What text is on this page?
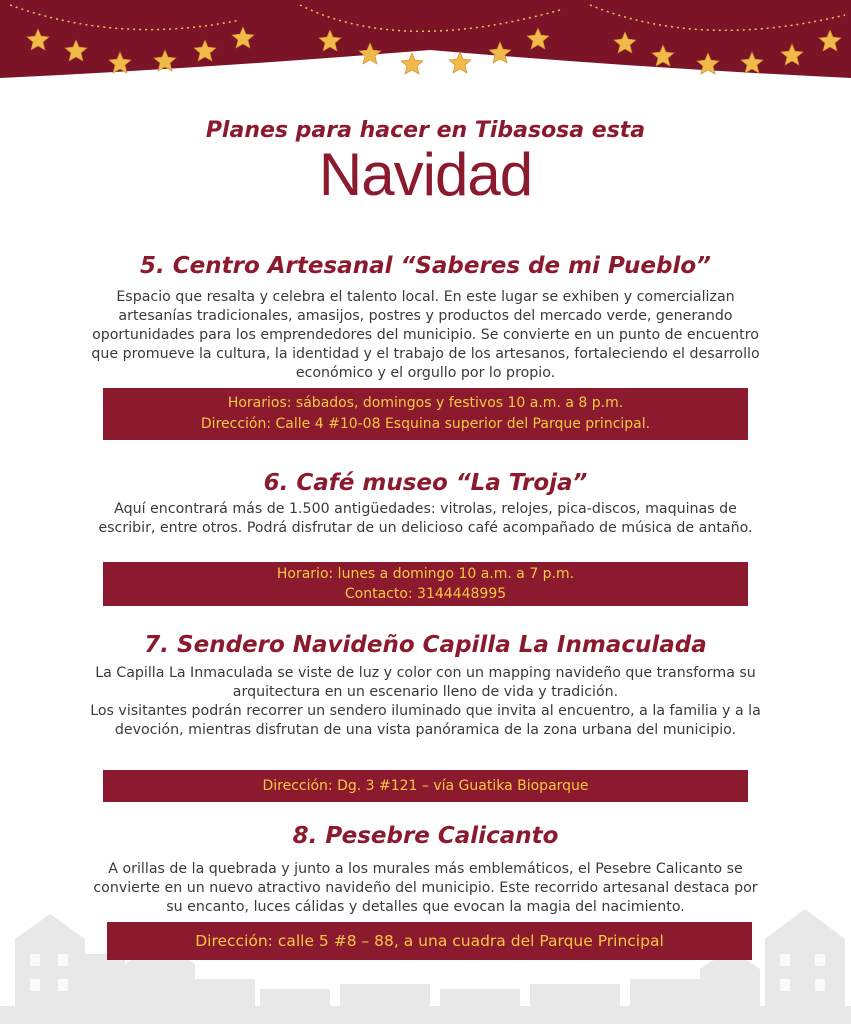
Planes para hacer en Tibasosa esta
Navidad
5. Centro Artesanal “Saberes de mi Pueblo”

Espacio que resalta y celebra el talento local. En este lugar se exhiben y comercializan artesanías tradicionales, amasijos, postres y productos del mercado verde, generando oportunidades para los emprendedores del municipio. Se convierte en un punto de encuentro que promueve la cultura, la identidad y el trabajo de los artesanos, fortaleciendo el desarrollo económico y el orgullo por lo propio.

Horarios: sábados, domingos y festivos 10 a.m. a 8 p.m.
Dirección: Calle 4 #10-08 Esquina superior del Parque principal.
6. Café museo “La Troja”

Aquí encontrará más de 1.500 antigüedades: vitrolas, relojes, pica-discos, maquinas de escribir, entre otros. Podrá disfrutar de un delicioso café acompañado de música de antaño.

Horario: lunes a domingo 10 a.m. a 7 p.m.
Contacto: 3144448995
7. Sendero Navideño Capilla La Inmaculada

La Capilla La Inmaculada se viste de luz y color con un mapping navideño que transforma su arquitectura en un escenario lleno de vida y tradición.

Los visitantes podrán recorrer un sendero iluminado que invita al encuentro, a la familia y a la devoción, mientras disfrutan de una vista panóramica de la zona urbana del municipio.

Dirección: Dg. 3 #121 – vía Guatika Bioparque
8. Pesebre Calicanto

A orillas de la quebrada y junto a los murales más emblemáticos, el Pesebre Calicanto se convierte en un nuevo atractivo navideño del municipio. Este recorrido artesanal destaca por su encanto, luces cálidas y detalles que evocan la magia del nacimiento.

Dirección: calle 5 #8 – 88, a una cuadra del Parque Principal
